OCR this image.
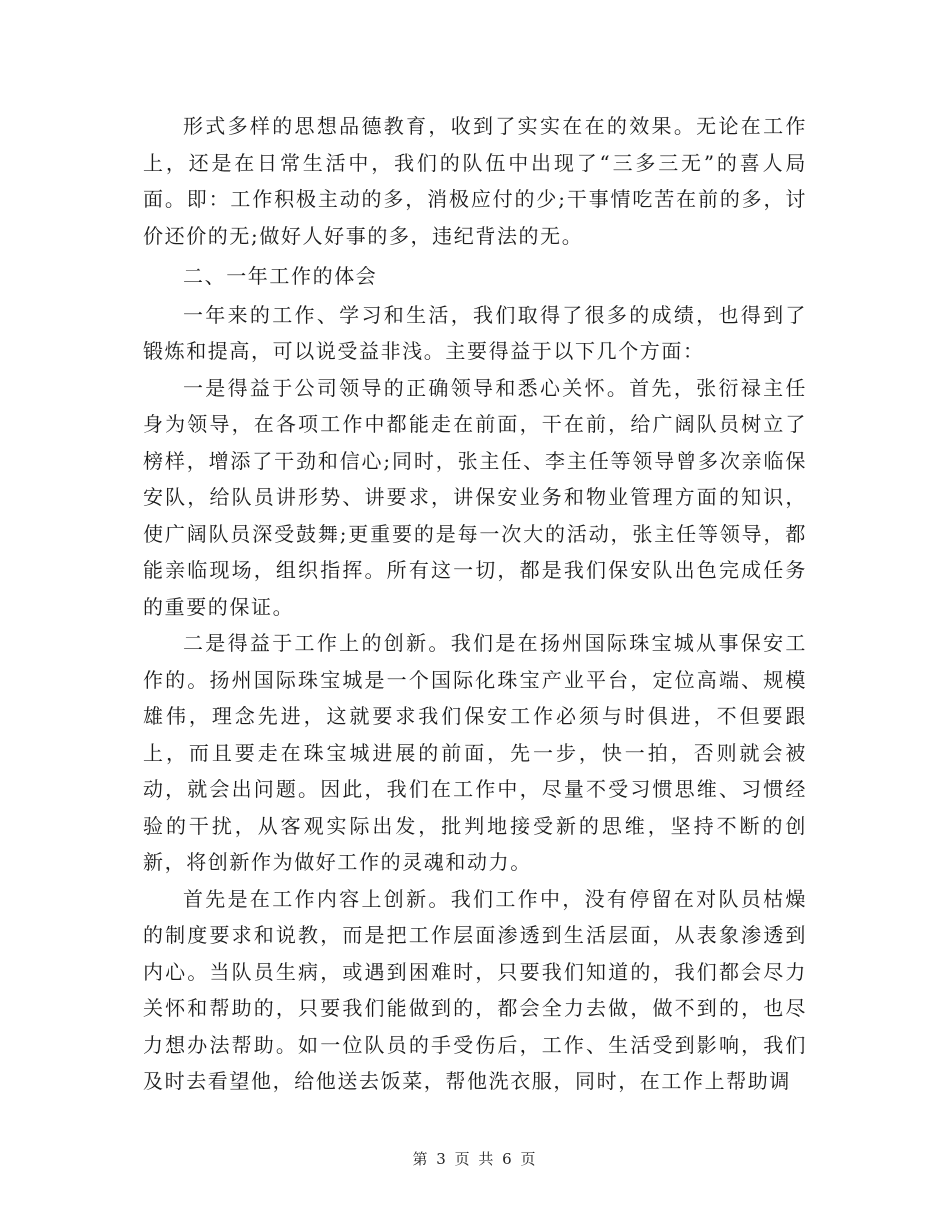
形式多样的思想品德教育，收到了实实在在的效果。无论在工作上，还是在日常生活中，我们的队伍中出现了“三多三无”的喜人局面。即：工作积极主动的多，消极应付的少;干事情吃苦在前的多，讨价还价的无;做好人好事的多，违纪背法的无。

二、一年工作的体会

一年来的工作、学习和生活，我们取得了很多的成绩，也得到了锻炼和提高，可以说受益非浅。主要得益于以下几个方面：

一是得益于公司领导的正确领导和悉心关怀。首先，张衍禄主任身为领导，在各项工作中都能走在前面，干在前，给广阔队员树立了榜样，增添了干劲和信心;同时，张主任、李主任等领导曾多次亲临保安队，给队员讲形势、讲要求，讲保安业务和物业管理方面的知识，使广阔队员深受鼓舞;更重要的是每一次大的活动，张主任等领导，都能亲临现场，组织指挥。所有这一切，都是我们保安队出色完成任务的重要的保证。

二是得益于工作上的创新。我们是在扬州国际珠宝城从事保安工作的。扬州国际珠宝城是一个国际化珠宝产业平台，定位高端、规模雄伟，理念先进，这就要求我们保安工作必须与时俱进，不但要跟上，而且要走在珠宝城进展的前面，先一步，快一拍，否则就会被动，就会出问题。因此，我们在工作中，尽量不受习惯思维、习惯经验的干扰，从客观实际出发，批判地接受新的思维，坚持不断的创新，将创新作为做好工作的灵魂和动力。

首先是在工作内容上创新。我们工作中，没有停留在对队员枯燥的制度要求和说教，而是把工作层面渗透到生活层面，从表象渗透到内心。当队员生病，或遇到困难时，只要我们知道的，我们都会尽力关怀和帮助的，只要我们能做到的，都会全力去做，做不到的，也尽力想办法帮助。如一位队员的手受伤后，工作、生活受到影响，我们及时去看望他，给他送去饭菜，帮他洗衣服，同时，在工作上帮助调

第 3 页 共 6 页
